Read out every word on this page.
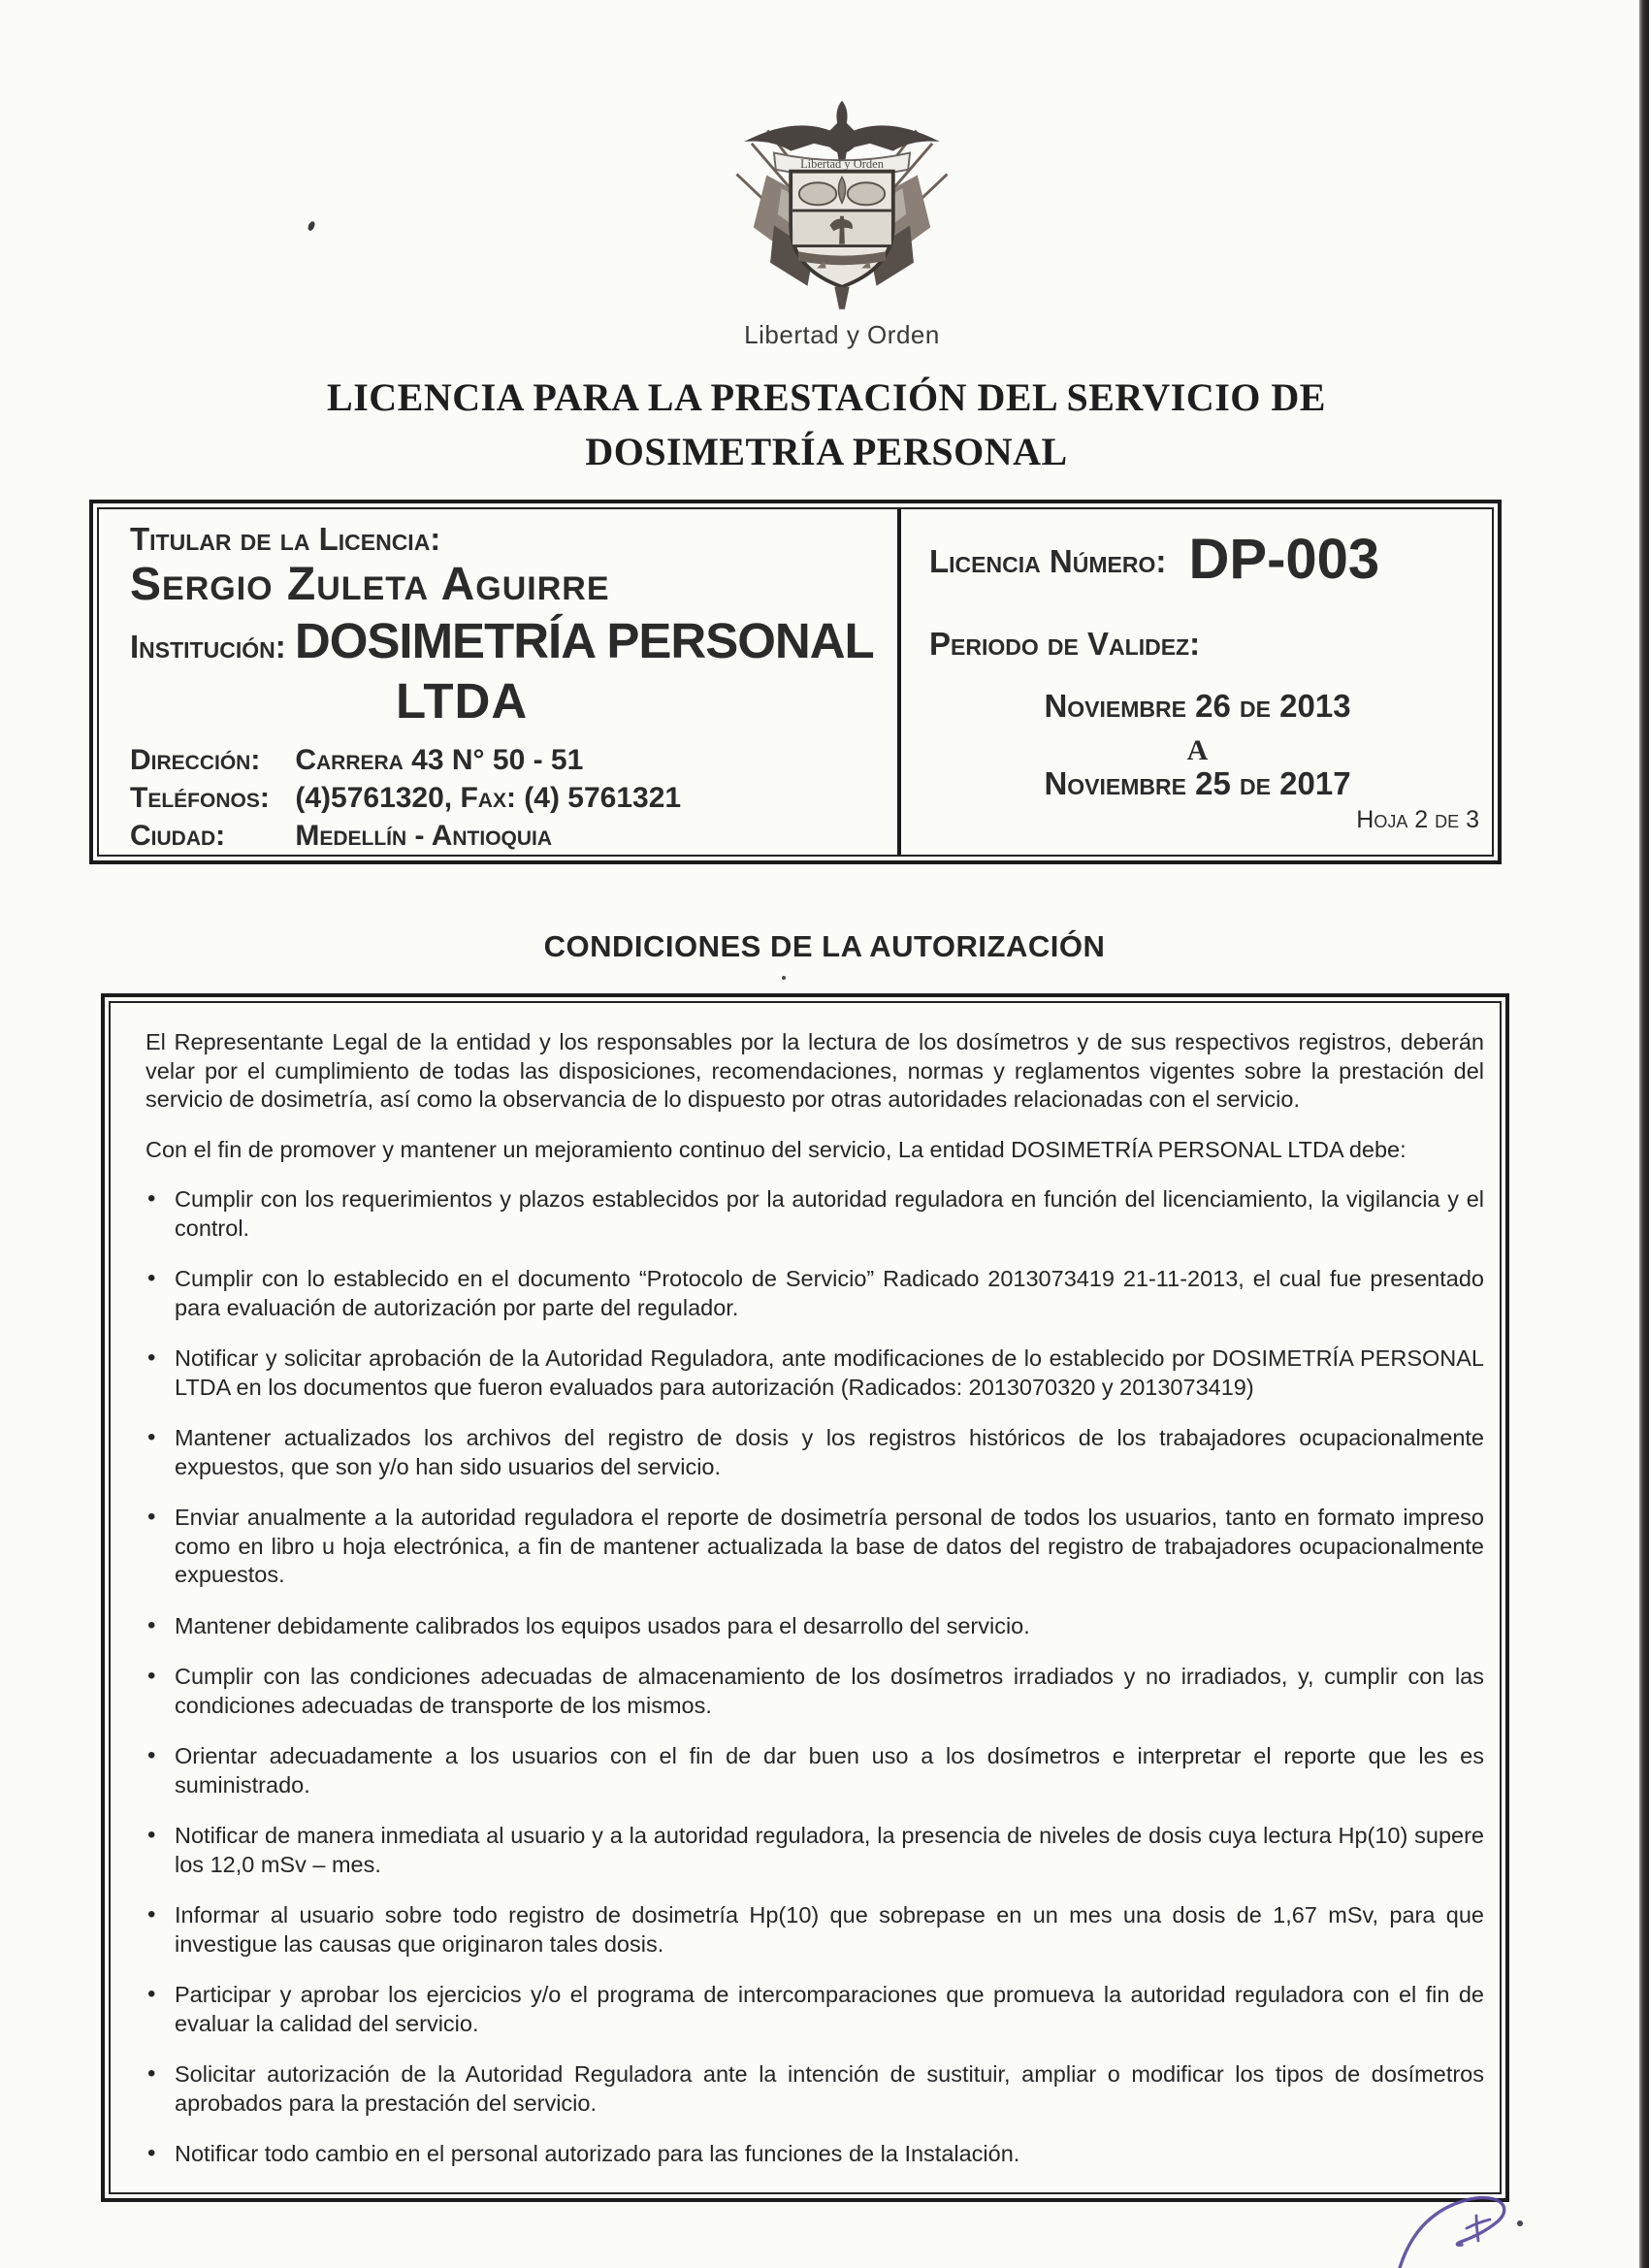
Libertad y Orden
Libertad y Orden
LICENCIA PARA LA PRESTACIÓN DEL SERVICIO DE
DOSIMETRÍA PERSONAL
Titular de la Licencia:
Sergio Zuleta Aguirre
Institución: DOSIMETRÍA PERSONAL
LTDA
Dirección: Carrera 43 N° 50 - 51
Teléfonos: (4)5761320, Fax: (4) 5761321
Ciudad: Medellín - Antioquia
Licencia Número: DP-003
Periodo de Validez:
Noviembre 26 de 2013
A
Noviembre 25 de 2017
Hoja 2 de 3
CONDICIONES DE LA AUTORIZACIÓN

El Representante Legal de la entidad y los responsables por la lectura de los dosímetros y de sus respectivos registros, deberán velar por el cumplimiento de todas las disposiciones, recomendaciones, normas y reglamentos vigentes sobre la prestación del servicio de dosimetría, así como la observancia de lo dispuesto por otras autoridades relacionadas con el servicio.

Con el fin de promover y mantener un mejoramiento continuo del servicio, La entidad DOSIMETRÍA PERSONAL LTDA debe:

• Cumplir con los requerimientos y plazos establecidos por la autoridad reguladora en función del licenciamiento, la vigilancia y el control.
• Cumplir con lo establecido en el documento “Protocolo de Servicio” Radicado 2013073419 21-11-2013, el cual fue presentado para evaluación de autorización por parte del regulador.
• Notificar y solicitar aprobación de la Autoridad Reguladora, ante modificaciones de lo establecido por DOSIMETRÍA PERSONAL LTDA en los documentos que fueron evaluados para autorización (Radicados: 2013070320 y 2013073419)
• Mantener actualizados los archivos del registro de dosis y los registros históricos de los trabajadores ocupacionalmente expuestos, que son y/o han sido usuarios del servicio.
• Enviar anualmente a la autoridad reguladora el reporte de dosimetría personal de todos los usuarios, tanto en formato impreso como en libro u hoja electrónica, a fin de mantener actualizada la base de datos del registro de trabajadores ocupacionalmente expuestos.
• Mantener debidamente calibrados los equipos usados para el desarrollo del servicio.
• Cumplir con las condiciones adecuadas de almacenamiento de los dosímetros irradiados y no irradiados, y, cumplir con las condiciones adecuadas de transporte de los mismos.
• Orientar adecuadamente a los usuarios con el fin de dar buen uso a los dosímetros e interpretar el reporte que les es suministrado.
• Notificar de manera inmediata al usuario y a la autoridad reguladora, la presencia de niveles de dosis cuya lectura Hp(10) supere los 12,0 mSv – mes.
• Informar al usuario sobre todo registro de dosimetría Hp(10) que sobrepase en un mes una dosis de 1,67 mSv, para que investigue las causas que originaron tales dosis.
• Participar y aprobar los ejercicios y/o el programa de intercomparaciones que promueva la autoridad reguladora con el fin de evaluar la calidad del servicio.
• Solicitar autorización de la Autoridad Reguladora ante la intención de sustituir, ampliar o modificar los tipos de dosímetros aprobados para la prestación del servicio.
• Notificar todo cambio en el personal autorizado para las funciones de la Instalación.
